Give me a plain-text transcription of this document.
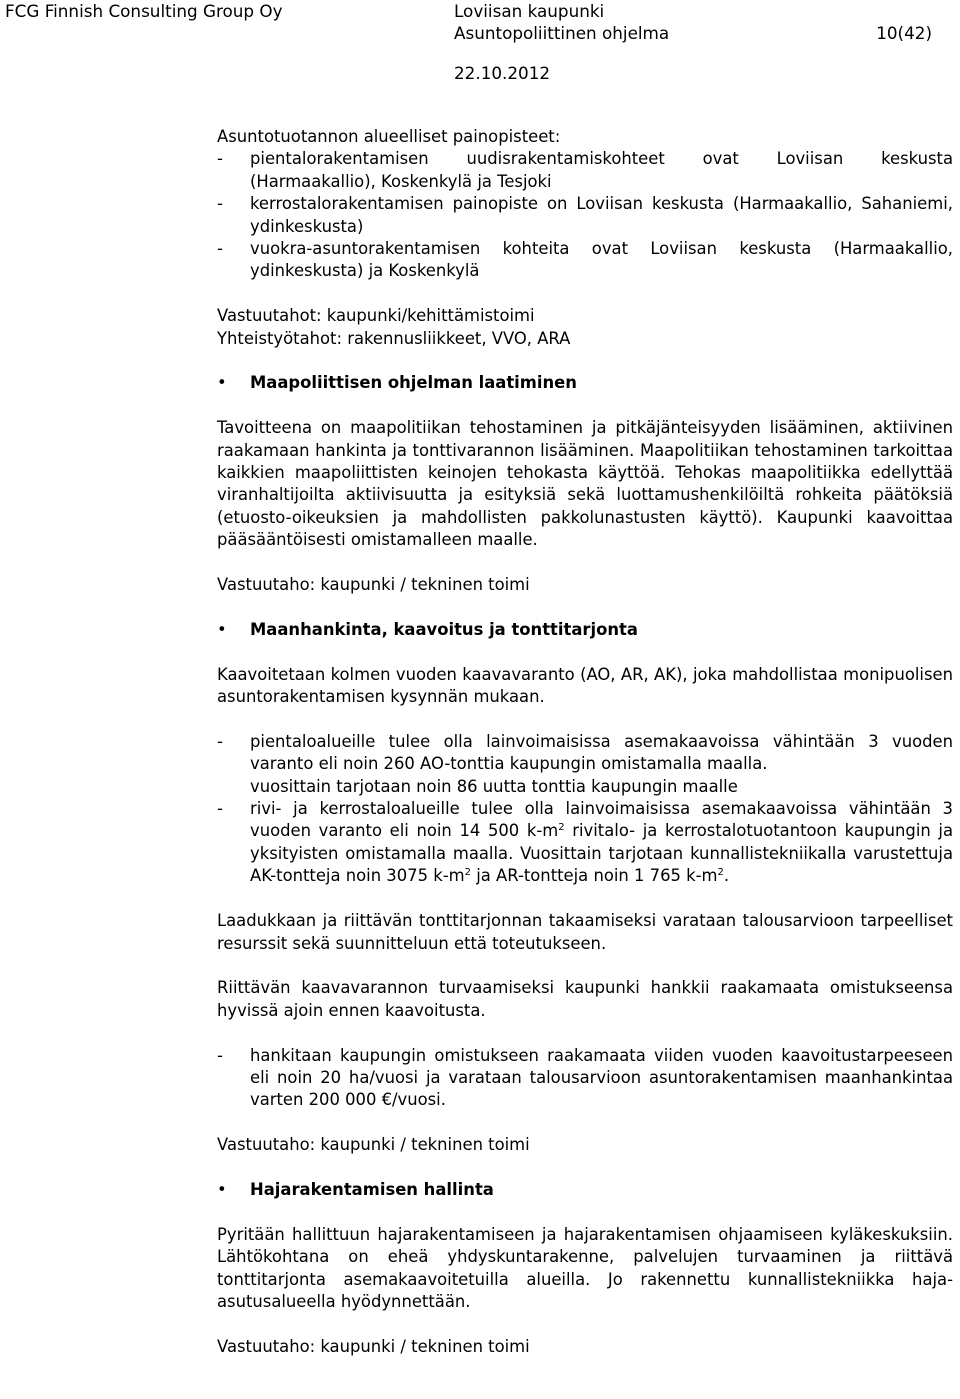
FCG Finnish Consulting Group Oy	Loviisan kaupunki
Asuntopoliittinen ohjelma	10(42)
22.10.2012

Asuntotuotannon alueelliset painopisteet:

-	pientalorakentamisen uudisrakentamiskohteet ovat Loviisan keskusta (Harmaakallio), Koskenkylä ja Tesjoki
-	kerrostalorakentamisen painopiste on Loviisan keskusta (Harmaakallio, Sahaniemi, ydinkeskusta)
-	vuokra-asuntorakentamisen kohteita ovat Loviisan keskusta (Harmaakallio, ydinkeskusta) ja Koskenkylä

Vastuutahot: kaupunki/kehittämistoimi

Yhteistyötahot: rakennusliikkeet, VVO, ARA

•	Maapoliittisen ohjelman laatiminen

Tavoitteena on maapolitiikan tehostaminen ja pitkäjänteisyyden lisääminen, aktiivinen raakamaan hankinta ja tonttivarannon lisääminen. Maapolitiikan tehostaminen tarkoittaa kaikkien maapoliittisten keinojen tehokasta käyttöä. Tehokas maapolitiikka edellyttää viranhaltijoilta aktiivisuutta ja esityksiä sekä luottamushenkilöiltä rohkeita päätöksiä (etuosto-oikeuksien ja mahdollisten pakkolunastusten käyttö). Kaupunki kaavoittaa pääsääntöisesti omistamalleen maalle.

Vastuutaho: kaupunki / tekninen toimi

•	Maanhankinta, kaavoitus ja tonttitarjonta

Kaavoitetaan kolmen vuoden kaavavaranto (AO, AR, AK), joka mahdollistaa monipuolisen asuntorakentamisen kysynnän mukaan.

-	pientaloalueille tulee olla lainvoimaisissa asemakaavoissa vähintään 3 vuoden varanto eli noin 260 AO-tonttia kaupungin omistamalla maalla.
vuosittain tarjotaan noin 86 uutta tonttia kaupungin maalle
-	rivi- ja kerrostaloalueille tulee olla lainvoimaisissa asemakaavoissa vähintään 3 vuoden varanto eli noin 14 500 $k-m^2$ rivitalo- ja kerrostalotuotantoon kaupungin ja yksityisten omistamalla maalla. Vuosittain tarjotaan kunnallistekniikalla varustettuja AK-tontteja noin 3075 $k-m^2$ ja AR-tontteja noin 1 765 $k-m^2$.

Laadukkaan ja riittävän tonttitarjonnan takaamiseksi varataan talousarvioon tarpeelliset resurssit sekä suunnitteluun että toteutukseen.

Riittävän kaavavarannon turvaamiseksi kaupunki hankkii raakamaata omistukseensa hyvissä ajoin ennen kaavoitusta.

-	hankitaan kaupungin omistukseen raakamaata viiden vuoden kaavoitustarpeeseen eli noin 20 ha/vuosi ja varataan talousarvioon asuntorakentamisen maanhankintaa varten 200 000 €/vuosi.

Vastuutaho: kaupunki / tekninen toimi

•	Hajarakentamisen hallinta

Pyritään hallittuun hajarakentamiseen ja hajarakentamisen ohjaamiseen kyläkeskuksiin. Lähtökohtana on eheä yhdyskuntarakenne, palvelujen turvaaminen ja riittävä tonttitarjonta asemakaavoitetuilla alueilla. Jo rakennettu kunnallistekniikka haja-asutusalueella hyödynnettään.

Vastuutaho: kaupunki / tekninen toimi
